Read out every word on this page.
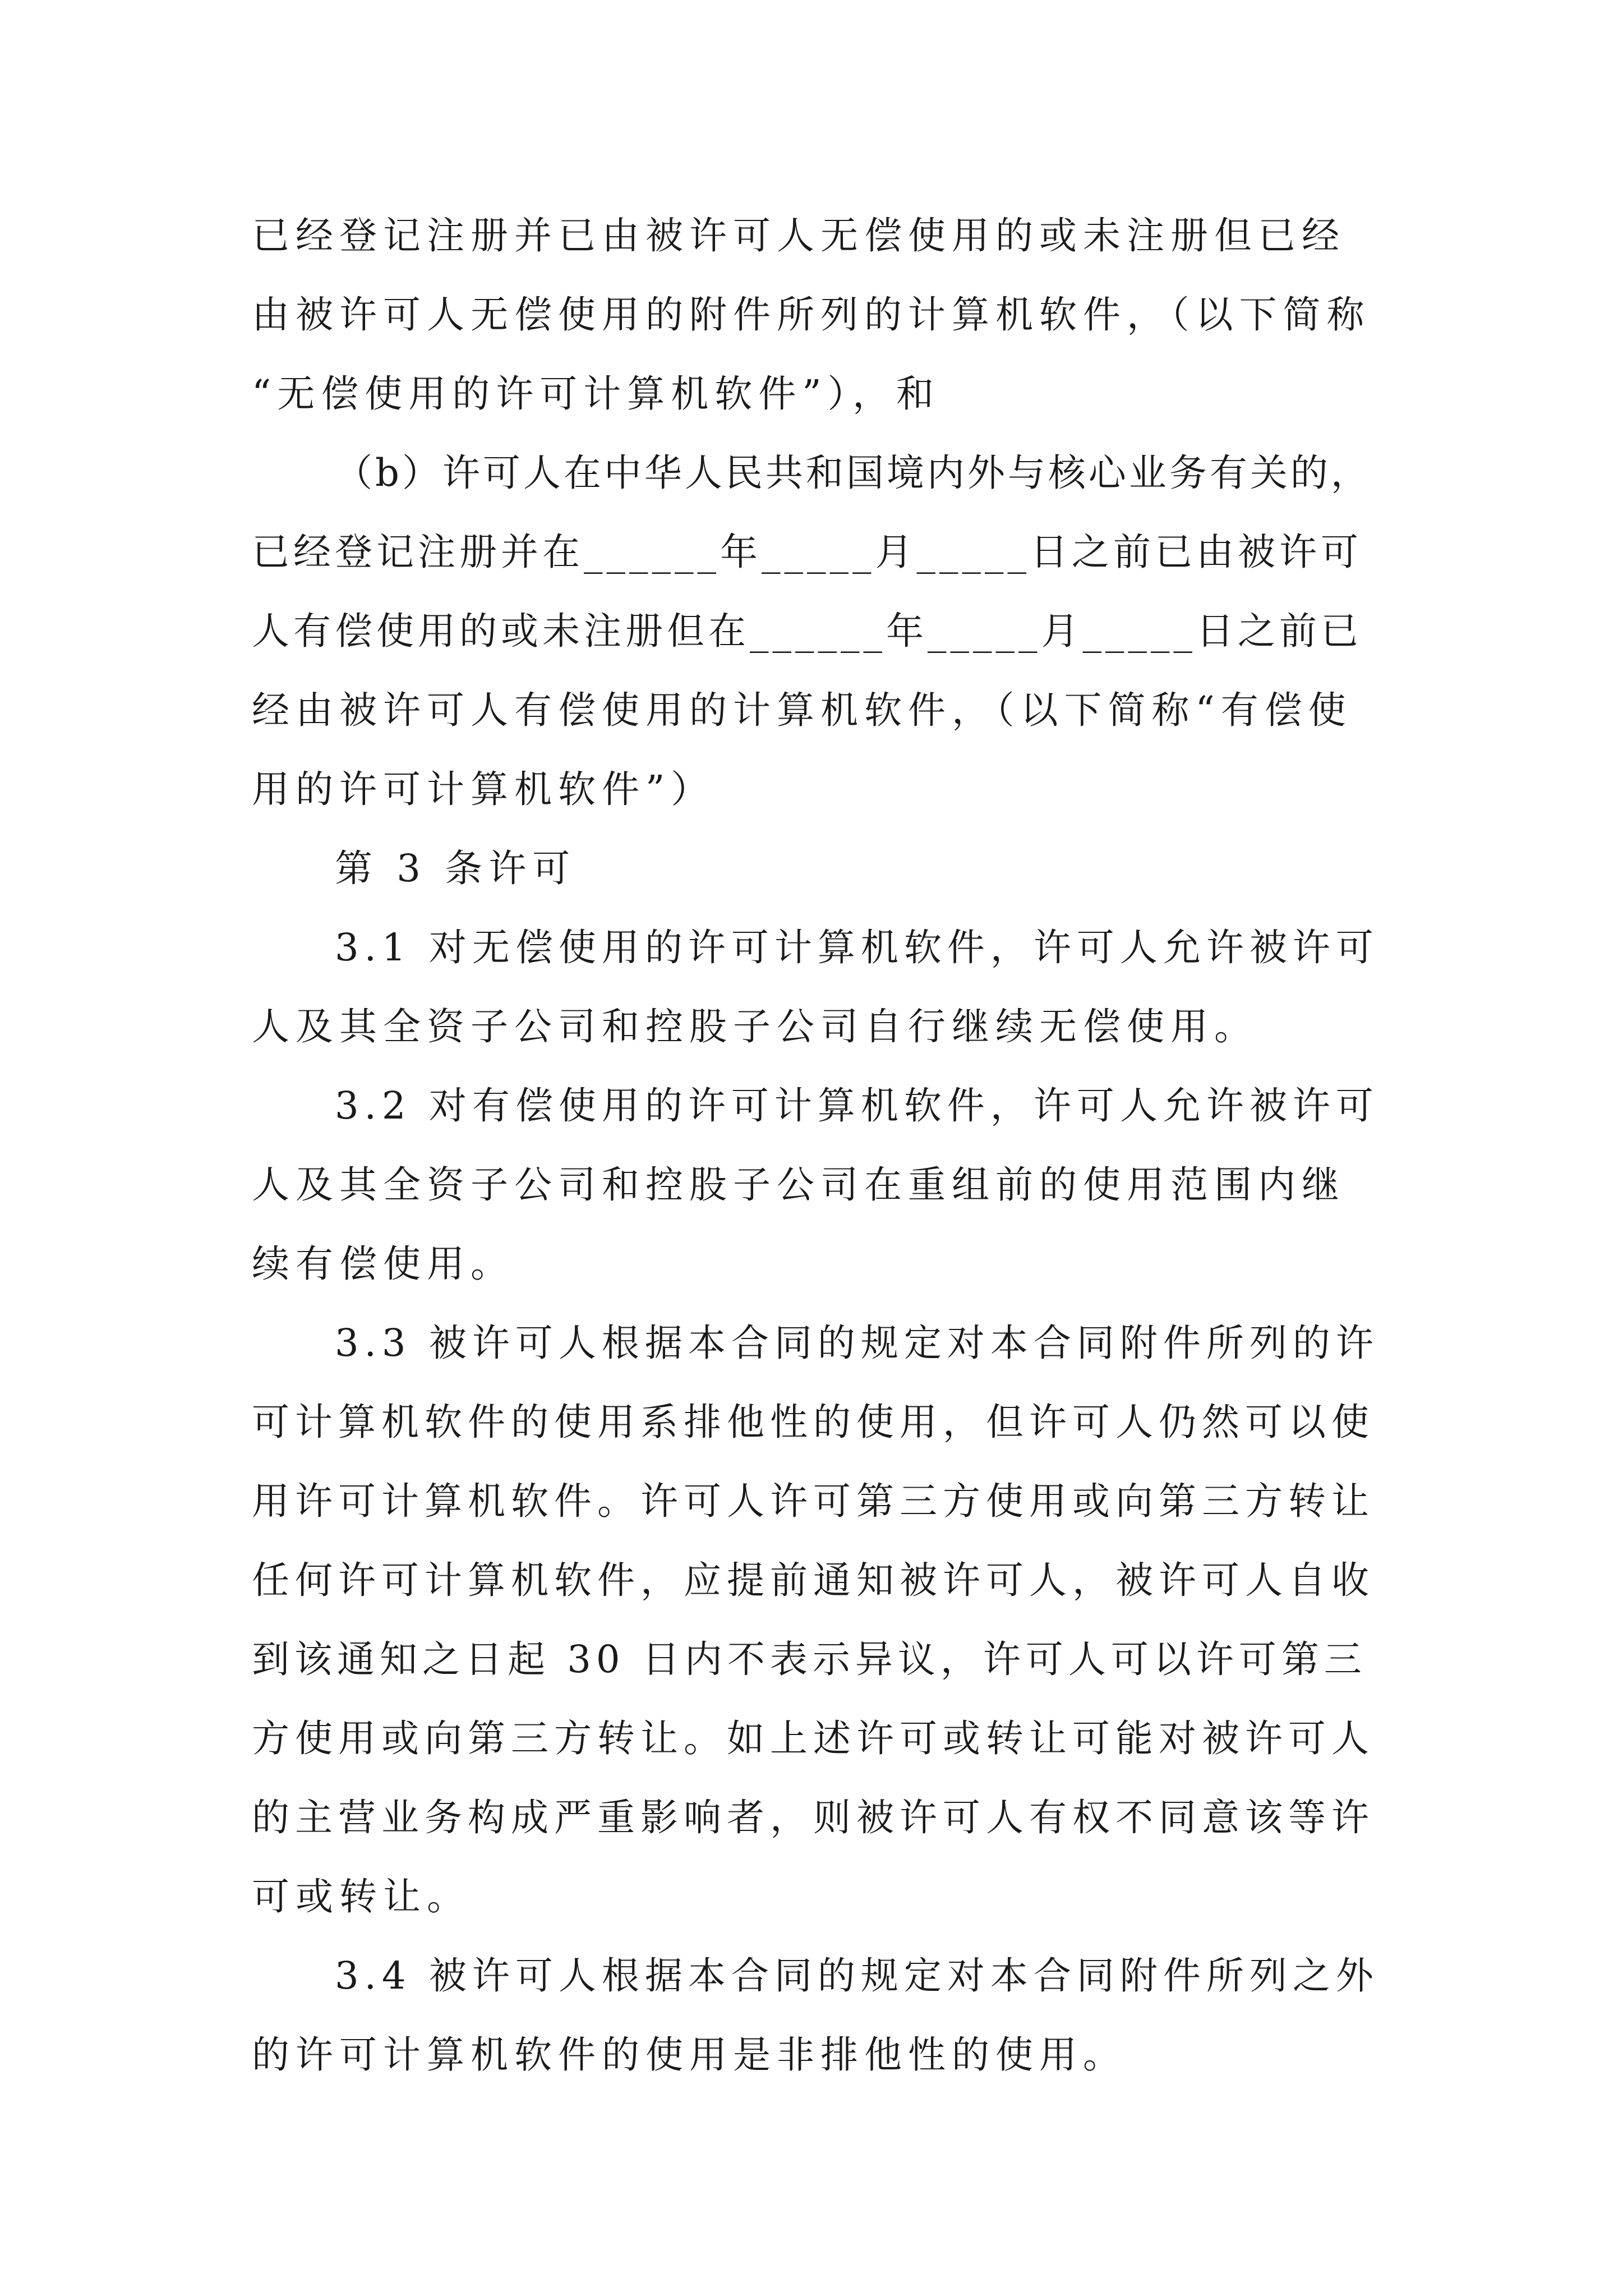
已经登记注册并已由被许可人无偿使用的或未注册但已经
由被许可人无偿使用的附件所列的计算机软件，（以下简称
“无偿使用的许可计算机软件”），和
（b）许可人在中华人民共和国境内外与核心业务有关的，
已经登记注册并在______年_____月_____日之前已由被许可
人有偿使用的或未注册但在______年_____月_____日之前已
经由被许可人有偿使用的计算机软件，（以下简称“有偿使
用的许可计算机软件”）
第 3 条许可
3.1 对无偿使用的许可计算机软件，许可人允许被许可
人及其全资子公司和控股子公司自行继续无偿使用。
3.2 对有偿使用的许可计算机软件，许可人允许被许可
人及其全资子公司和控股子公司在重组前的使用范围内继
续有偿使用。
3.3 被许可人根据本合同的规定对本合同附件所列的许
可计算机软件的使用系排他性的使用，但许可人仍然可以使
用许可计算机软件。许可人许可第三方使用或向第三方转让
任何许可计算机软件，应提前通知被许可人，被许可人自收
到该通知之日起 30 日内不表示异议，许可人可以许可第三
方使用或向第三方转让。如上述许可或转让可能对被许可人
的主营业务构成严重影响者，则被许可人有权不同意该等许
可或转让。
3.4 被许可人根据本合同的规定对本合同附件所列之外
的许可计算机软件的使用是非排他性的使用。
